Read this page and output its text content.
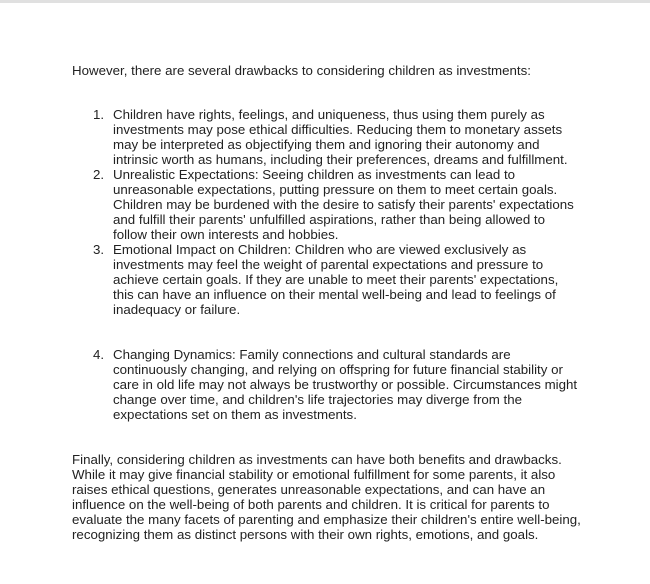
However, there are several drawbacks to considering children as investments:

1. Children have rights, feelings, and uniqueness, thus using them purely as investments may pose ethical difficulties. Reducing them to monetary assets may be interpreted as objectifying them and ignoring their autonomy and intrinsic worth as humans, including their preferences, dreams and fulfillment.
2. Unrealistic Expectations: Seeing children as investments can lead to unreasonable expectations, putting pressure on them to meet certain goals. Children may be burdened with the desire to satisfy their parents' expectations and fulfill their parents' unfulfilled aspirations, rather than being allowed to follow their own interests and hobbies.
3. Emotional Impact on Children: Children who are viewed exclusively as investments may feel the weight of parental expectations and pressure to achieve certain goals. If they are unable to meet their parents' expectations, this can have an influence on their mental well-being and lead to feelings of inadequacy or failure.
4. Changing Dynamics: Family connections and cultural standards are continuously changing, and relying on offspring for future financial stability or care in old life may not always be trustworthy or possible. Circumstances might change over time, and children's life trajectories may diverge from the expectations set on them as investments.

Finally, considering children as investments can have both benefits and drawbacks. While it may give financial stability or emotional fulfillment for some parents, it also raises ethical questions, generates unreasonable expectations, and can have an influence on the well-being of both parents and children. It is critical for parents to evaluate the many facets of parenting and emphasize their children's entire well-being, recognizing them as distinct persons with their own rights, emotions, and goals.
